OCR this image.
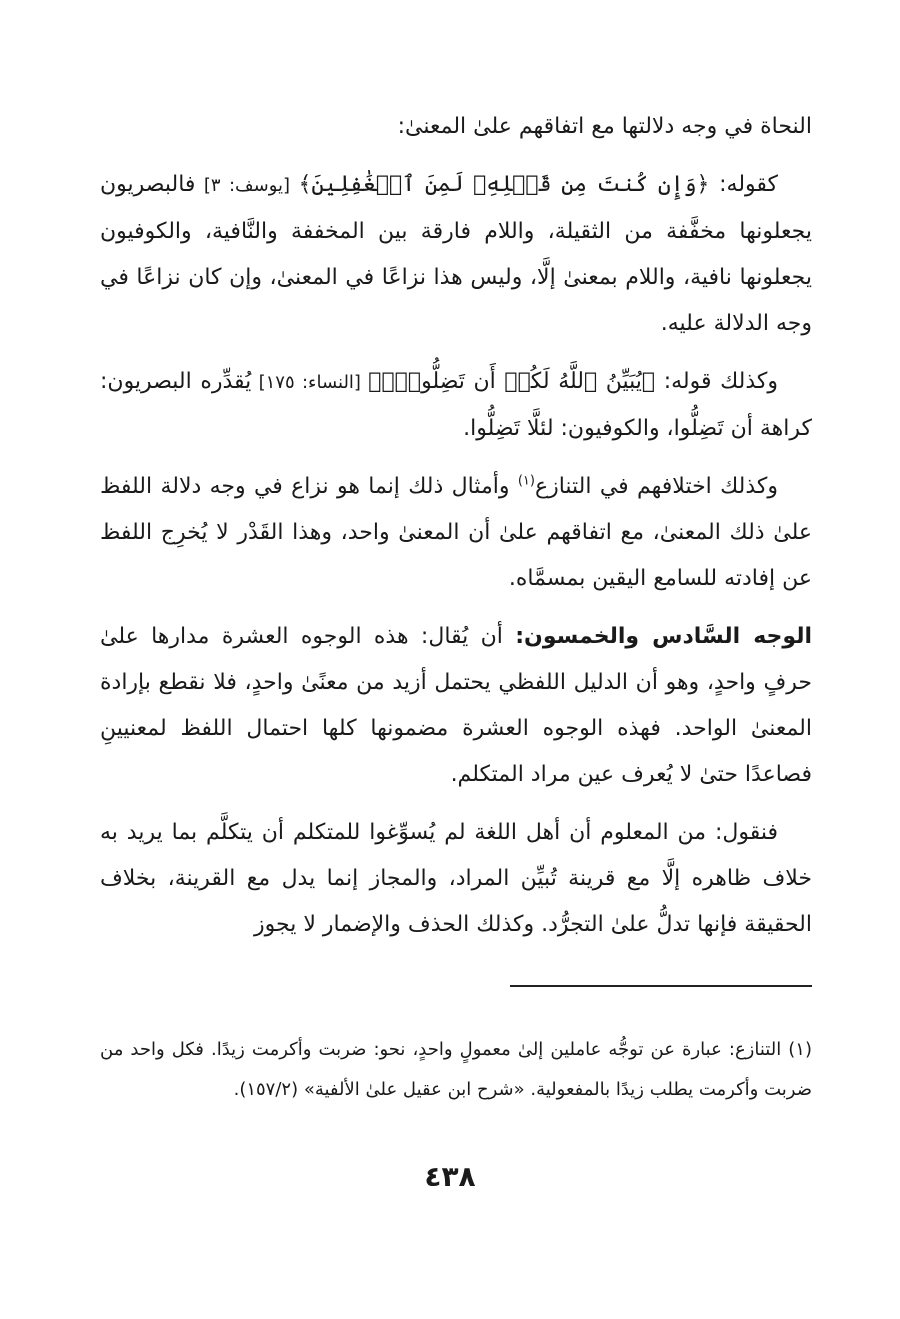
النحاة في وجه دلالتها مع اتفاقهم علىٰ المعنىٰ:

كقوله: ﴿وَإِن كُنتَ مِن قَبۡلِهِۦ لَمِنَ ٱلۡغَٰفِلِينَ﴾ [يوسف: ٣] فالبصريون يجعلونها مخفَّفة من الثقيلة، واللام فارقة بين المخففة والنَّافية، والكوفيون يجعلونها نافية، واللام بمعنىٰ إلَّا، وليس هذا نزاعًا في المعنىٰ، وإن كان نزاعًا في وجه الدلالة عليه.

وكذلك قوله: ﴿يُبَيِّنُ ٱللَّهُ لَكُمۡ أَن تَضِلُّواْۗ﴾ [النساء: ١٧٥] يُقدِّره البصريون: كراهة أن تَضِلُّوا، والكوفيون: لئلَّا تَضِلُّوا.

وكذلك اختلافهم في التنازع$^{(١)}$ وأمثال ذلك إنما هو نزاع في وجه دلالة اللفظ علىٰ ذلك المعنىٰ، مع اتفاقهم علىٰ أن المعنىٰ واحد، وهذا القَدْر لا يُخرِج اللفظ عن إفادته للسامع اليقين بمسمَّاه.

الوجه السَّادس والخمسون: أن يُقال: هذه الوجوه العشرة مدارها علىٰ حرفٍ واحدٍ، وهو أن الدليل اللفظي يحتمل أزيد من معنًىٰ واحدٍ، فلا نقطع بإرادة المعنىٰ الواحد. فهذه الوجوه العشرة مضمونها كلها احتمال اللفظ لمعنيينِ فصاعدًا حتىٰ لا يُعرف عين مراد المتكلم.

فنقول: من المعلوم أن أهل اللغة لم يُسوِّغوا للمتكلم أن يتكلَّم بما يريد به خلاف ظاهره إلَّا مع قرينة تُبيِّن المراد، والمجاز إنما يدل مع القرينة، بخلاف الحقيقة فإنها تدلُّ علىٰ التجرُّد. وكذلك الحذف والإضمار لا يجوز

(١) التنازع: عبارة عن توجُّه عاملين إلىٰ معمولٍ واحدٍ، نحو: ضربت وأكرمت زيدًا. فكل واحد من ضربت وأكرمت يطلب زيدًا بالمفعولية. «شرح ابن عقيل علىٰ الألفية» (١٥٧/٢).

٤٣٨
